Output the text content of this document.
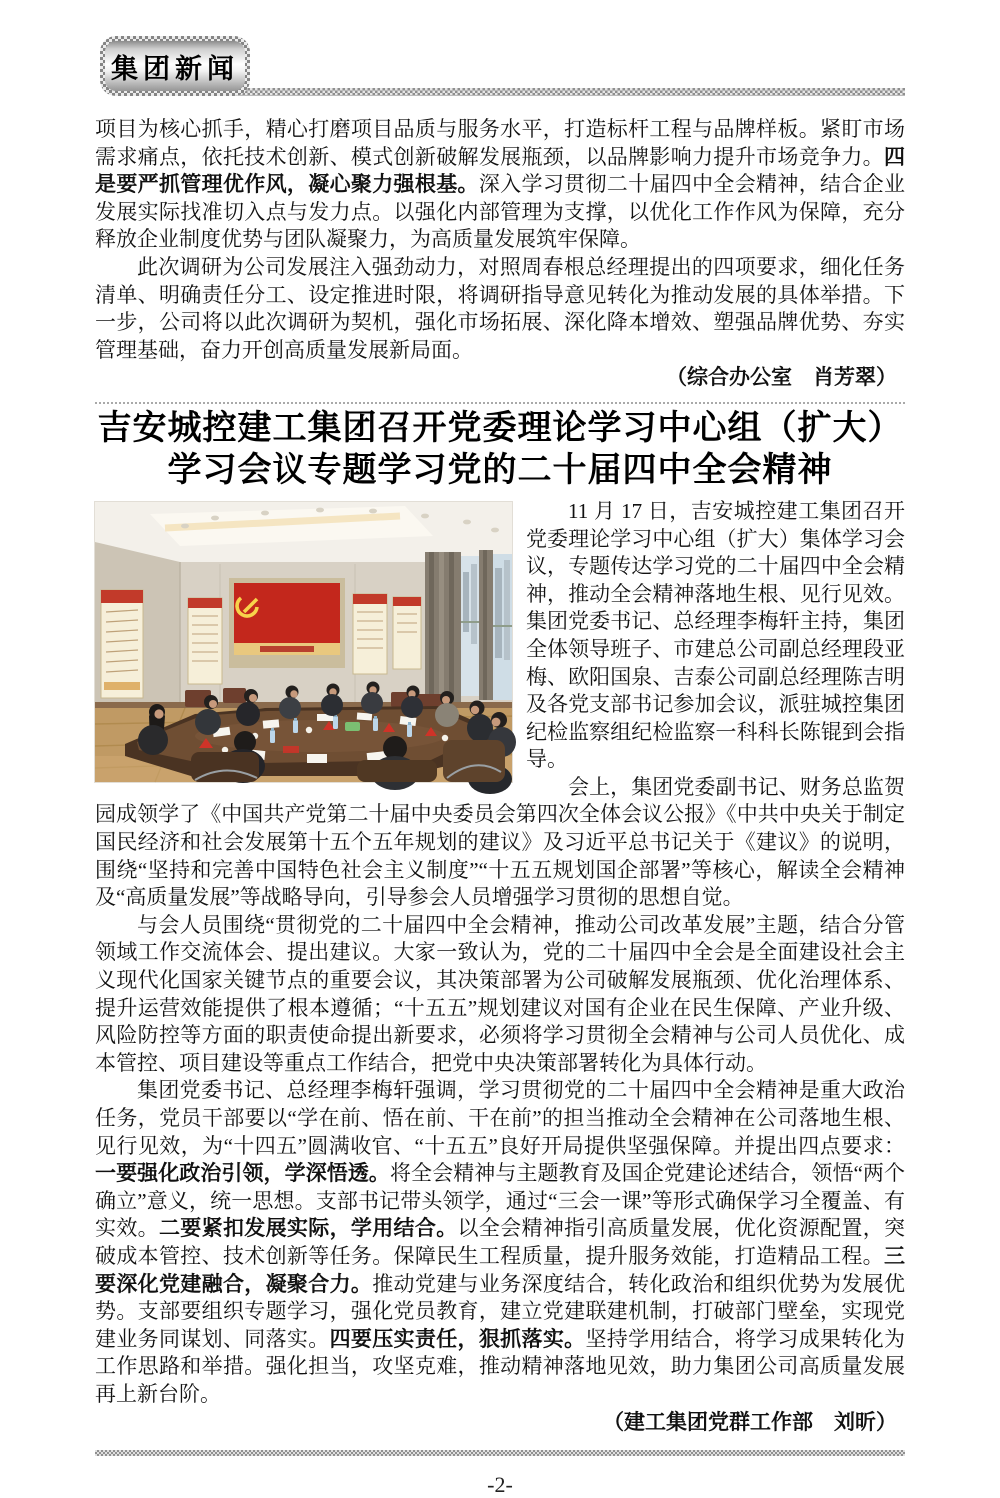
集团新闻

项目为核心抓手，精心打磨项目品质与服务水平，打造标杆工程与品牌样板。紧盯市场需求痛点，依托技术创新、模式创新破解发展瓶颈，以品牌影响力提升市场竞争力。四是要严抓管理优作风，凝心聚力强根基。深入学习贯彻二十届四中全会精神，结合企业发展实际找准切入点与发力点。以强化内部管理为支撑，以优化工作作风为保障，充分释放企业制度优势与团队凝聚力，为高质量发展筑牢保障。

此次调研为公司发展注入强劲动力，对照周春根总经理提出的四项要求，细化任务清单、明确责任分工、设定推进时限，将调研指导意见转化为推动发展的具体举措。下一步，公司将以此次调研为契机，强化市场拓展、深化降本增效、塑强品牌优势、夯实管理基础，奋力开创高质量发展新局面。

（综合办公室　肖芳翠）

吉安城控建工集团召开党委理论学习中心组（扩大）
学习会议专题学习党的二十届四中全会精神

11 月 17 日，吉安城控建工集团召开党委理论学习中心组（扩大）集体学习会议，专题传达学习党的二十届四中全会精神，推动全会精神落地生根、见行见效。集团党委书记、总经理李梅轩主持，集团全体领导班子、市建总公司副总经理段亚梅、欧阳国泉、吉泰公司副总经理陈吉明及各党支部书记参加会议，派驻城控集团纪检监察组纪检监察一科科长陈锟到会指导。

会上，集团党委副书记、财务总监贺园成领学了《中国共产党第二十届中央委员会第四次全体会议公报》《中共中央关于制定国民经济和社会发展第十五个五年规划的建议》及习近平总书记关于《建议》的说明，围绕“坚持和完善中国特色社会主义制度”“十五五规划国企部署”等核心，解读全会精神及“高质量发展”等战略导向，引导参会人员增强学习贯彻的思想自觉。

与会人员围绕“贯彻党的二十届四中全会精神，推动公司改革发展”主题，结合分管领域工作交流体会、提出建议。大家一致认为，党的二十届四中全会是全面建设社会主义现代化国家关键节点的重要会议，其决策部署为公司破解发展瓶颈、优化治理体系、提升运营效能提供了根本遵循；“十五五”规划建议对国有企业在民生保障、产业升级、风险防控等方面的职责使命提出新要求，必须将学习贯彻全会精神与公司人员优化、成本管控、项目建设等重点工作结合，把党中央决策部署转化为具体行动。

集团党委书记、总经理李梅轩强调，学习贯彻党的二十届四中全会精神是重大政治任务，党员干部要以“学在前、悟在前、干在前”的担当推动全会精神在公司落地生根、见行见效，为“十四五”圆满收官、“十五五”良好开局提供坚强保障。并提出四点要求：一要强化政治引领，学深悟透。将全会精神与主题教育及国企党建论述结合，领悟“两个确立”意义，统一思想。支部书记带头领学，通过“三会一课”等形式确保学习全覆盖、有实效。二要紧扣发展实际，学用结合。以全会精神指引高质量发展，优化资源配置，突破成本管控、技术创新等任务。保障民生工程质量，提升服务效能，打造精品工程。三要深化党建融合，凝聚合力。推动党建与业务深度结合，转化政治和组织优势为发展优势。支部要组织专题学习，强化党员教育，建立党建联建机制，打破部门壁垒，实现党建业务同谋划、同落实。四要压实责任，狠抓落实。坚持学用结合，将学习成果转化为工作思路和举措。强化担当，攻坚克难，推动精神落地见效，助力集团公司高质量发展再上新台阶。

（建工集团党群工作部　刘昕）

-2-
